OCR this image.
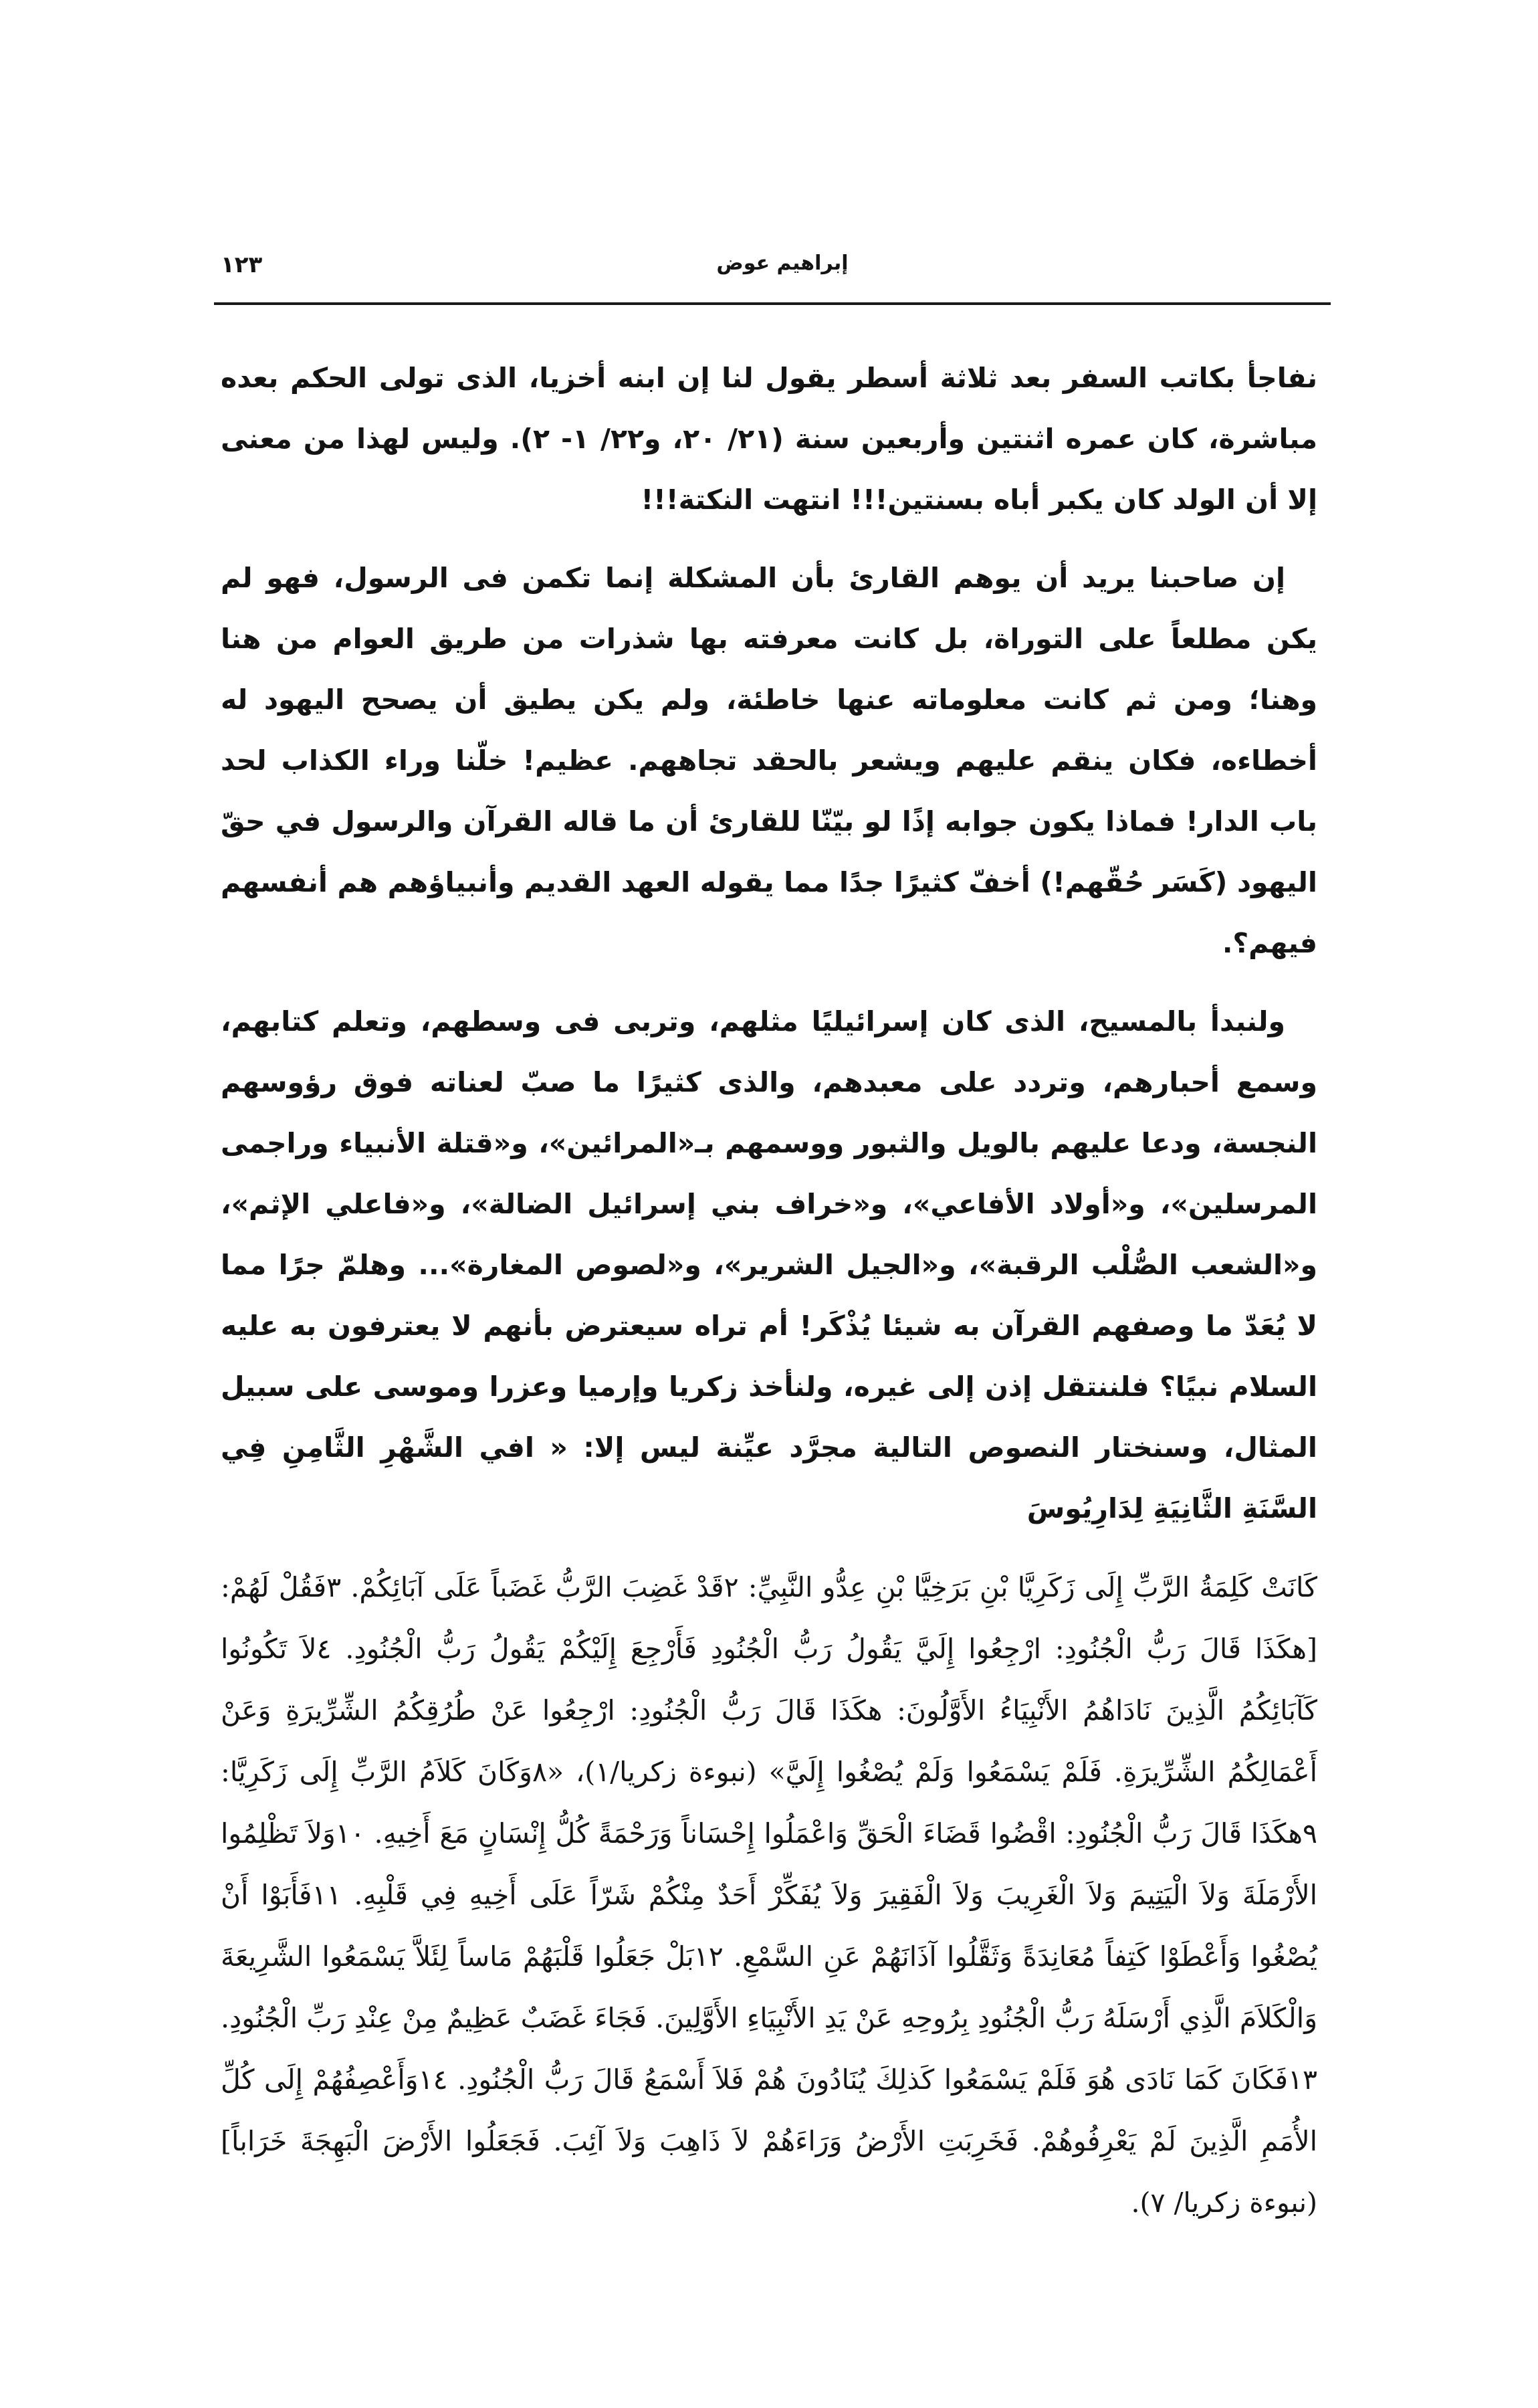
١٢٣	إبراهيم عوض

نفاجأ بكاتب السفر بعد ثلاثة أسطر يقول لنا إن ابنه أخزيا، الذى تولى الحكم بعده مباشرة، كان عمره اثنتين وأربعين سنة (٢١/ ٢٠، و٢٢/ ١- ٢). وليس لهذا من معنى إلا أن الولد كان يكبر أباه بسنتين!!! انتهت النكتة!!!

إن صاحبنا يريد أن يوهم القارئ بأن المشكلة إنما تكمن فى الرسول، فهو لم يكن مطلعاً على التوراة، بل كانت معرفته بها شذرات من طريق العوام من هنا وهنا؛ ومن ثم كانت معلوماته عنها خاطئة، ولم يكن يطيق أن يصحح اليهود له أخطاءه، فكان ينقم عليهم ويشعر بالحقد تجاههم. عظيم! خلّنا وراء الكذاب لحد باب الدار! فماذا يكون جوابه إذًا لو بيّنّا للقارئ أن ما قاله القرآن والرسول في حقّ اليهود (كَسَر حُقّهم!) أخفّ كثيرًا جدًا مما يقوله العهد القديم وأنبياؤهم هم أنفسهم فيهم؟.

ولنبدأ بالمسيح، الذى كان إسرائيليًا مثلهم، وتربى فى وسطهم، وتعلم كتابهم، وسمع أحبارهم، وتردد على معبدهم، والذى كثيرًا ما صبّ لعناته فوق رؤوسهم النجسة، ودعا عليهم بالويل والثبور ووسمهم بـ«المرائين»، و«قتلة الأنبياء وراجمى المرسلين»، و«أولاد الأفاعي»، و«خراف بني إسرائيل الضالة»، و«فاعلي الإثم»، و«الشعب الصُّلْب الرقبة»، و«الجيل الشرير»، و«لصوص المغارة»... وهلمّ جرًا مما لا يُعَدّ ما وصفهم القرآن به شيئا يُذْكَر! أم تراه سيعترض بأنهم لا يعترفون به عليه السلام نبيًا؟ فلننتقل إذن إلى غيره، ولنأخذ زكريا وإرميا وعزرا وموسى على سبيل المثال، وسنختار النصوص التالية مجرَّد عيِّنة ليس إلا: « افي الشَّهْرِ الثَّامِنِ فِي السَّنَةِ الثَّانِيَةِ لِدَارِيُوسَ

كَانَتْ كَلِمَةُ الرَّبِّ إِلَى زَكَرِيَّا بْنِ بَرَخِيَّا بْنِ عِدُّو النَّبِيِّ: ٢قَدْ غَضِبَ الرَّبُّ غَضَباً عَلَى آبَائِكُمْ. ٣فَقُلْ لَهُمْ: [هكَذَا قَالَ رَبُّ الْجُنُودِ: ارْجِعُوا إِلَيَّ يَقُولُ رَبُّ الْجُنُودِ فَأَرْجِعَ إِلَيْكُمْ يَقُولُ رَبُّ الْجُنُودِ. ٤لاَ تَكُونُوا كَآبَائِكُمُ الَّذِينَ نَادَاهُمُ الأَنْبِيَاءُ الأَوَّلُونَ: هكَذَا قَالَ رَبُّ الْجُنُودِ: ارْجِعُوا عَنْ طُرُقِكُمُ الشِّرِّيرَةِ وَعَنْ أَعْمَالِكُمُ الشِّرِّيرَةِ. فَلَمْ يَسْمَعُوا وَلَمْ يُصْغُوا إِلَيَّ» (نبوءة زكريا/١)، «٨وَكَانَ كَلاَمُ الرَّبِّ إِلَى زَكَرِيَّا: ٩هكَذَا قَالَ رَبُّ الْجُنُودِ: اقْضُوا قَضَاءَ الْحَقِّ وَاعْمَلُوا إِحْسَاناً وَرَحْمَةً كُلُّ إِنْسَانٍ مَعَ أَخِيهِ. ١٠وَلاَ تَظْلِمُوا الأَرْمَلَةَ وَلاَ الْيَتِيمَ وَلاَ الْغَرِيبَ وَلاَ الْفَقِيرَ وَلاَ يُفَكِّرْ أَحَدٌ مِنْكُمْ شَرّاً عَلَى أَخِيهِ فِي قَلْبِهِ. ١١فَأَبَوْا أَنْ يُصْغُوا وَأَعْطَوْا كَتِفاً مُعَانِدَةً وَثَقَّلُوا آذَانَهُمْ عَنِ السَّمْعِ. ١٢بَلْ جَعَلُوا قَلْبَهُمْ مَاساً لِئَلاَّ يَسْمَعُوا الشَّرِيعَةَ وَالْكَلاَمَ الَّذِي أَرْسَلَهُ رَبُّ الْجُنُودِ بِرُوحِهِ عَنْ يَدِ الأَنْبِيَاءِ الأَوَّلِينَ. فَجَاءَ غَضَبٌ عَظِيمٌ مِنْ عِنْدِ رَبِّ الْجُنُودِ. ١٣فَكَانَ كَمَا نَادَى هُوَ فَلَمْ يَسْمَعُوا كَذلِكَ يُنَادُونَ هُمْ فَلاَ أَسْمَعُ قَالَ رَبُّ الْجُنُودِ. ١٤وَأَعْصِفُهُمْ إِلَى كُلِّ الأُمَمِ الَّذِينَ لَمْ يَعْرِفُوهُمْ. فَخَرِبَتِ الأَرْضُ وَرَاءَهُمْ لاَ ذَاهِبَ وَلاَ آئِبَ. فَجَعَلُوا الأَرْضَ الْبَهِجَةَ خَرَاباً] (نبوءة زكريا/ ٧).
